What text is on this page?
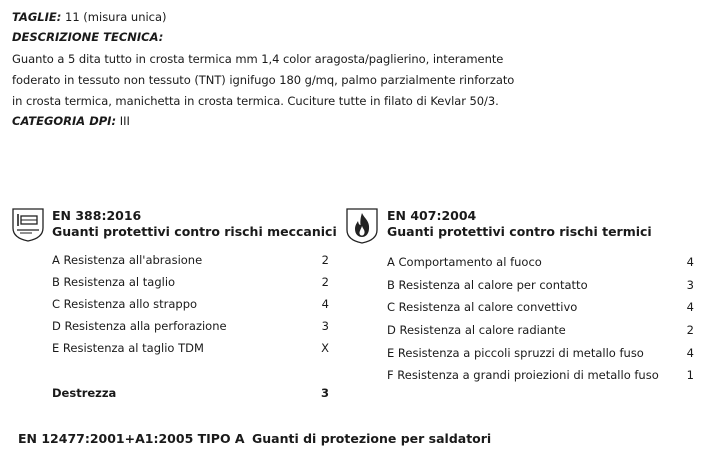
TAGLIE: 11 (misura unica)
DESCRIZIONE TECNICA:
Guanto a 5 dita tutto in crosta termica mm 1,4 color aragosta/paglierino, interamente
foderato in tessuto non tessuto (TNT) ignifugo 180 g/mq, palmo parzialmente rinforzato
in crosta termica, manichetta in crosta termica. Cuciture tutte in filato di Kevlar 50/3.
CATEGORIA DPI: III
EN 388:2016
Guanti protettivi contro rischi meccanici
A Resistenza all'abrasione	2
B Resistenza al taglio	2
C Resistenza allo strappo	4
D Resistenza alla perforazione	3
E Resistenza al taglio TDM	X
Destrezza	3
EN 407:2004
Guanti protettivi contro rischi termici
A Comportamento al fuoco	4
B Resistenza al calore per contatto	3
C Resistenza al calore convettivo	4
D Resistenza al calore radiante	2
E Resistenza a piccoli spruzzi di metallo fuso	4
F Resistenza a grandi proiezioni di metallo fuso	1
EN 12477:2001+A1:2005 TIPO A Guanti di protezione per saldatori
